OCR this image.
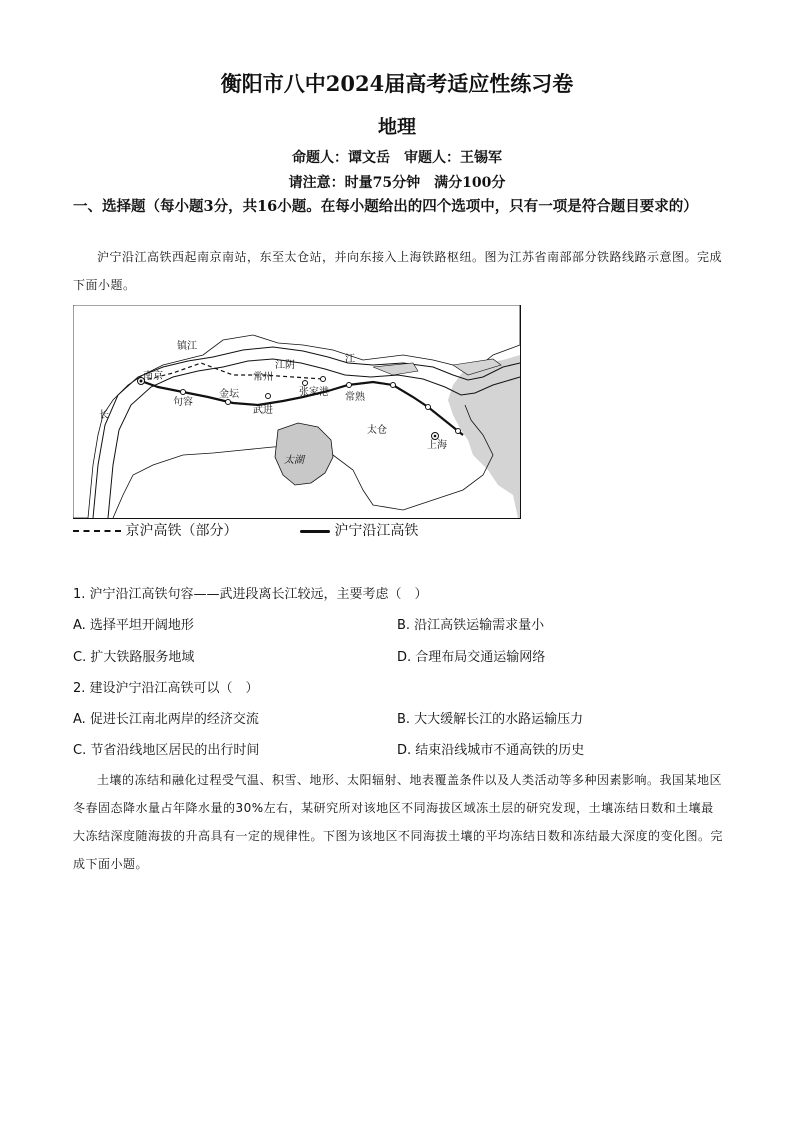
衡阳市八中2024届高考适应性练习卷
地理
命题人：谭文岳　审题人：王锡军
请注意：时量75分钟　满分100分
一、选择题（每小题3分，共16小题。在每小题给出的四个选项中，只有一项是符合题目要求的）
沪宁沿江高铁西起南京南站，东至太仓站，并向东接入上海铁路枢纽。图为江苏省南部部分铁路线路示意图。完成下面小题。
镇江
南京
句容
金坛
常州
武进
江阴
张家港 常熟
太仓
上海
太湖
江
长
京沪高铁（部分）	沪宁沿江高铁
1. 沪宁沿江高铁句容——武进段离长江较远，主要考虑（　）
A. 选择平坦开阔地形	B. 沿江高铁运输需求量小
C. 扩大铁路服务地域	D. 合理布局交通运输网络
2. 建设沪宁沿江高铁可以（　）
A. 促进长江南北两岸的经济交流	B. 大大缓解长江的水路运输压力
C. 节省沿线地区居民的出行时间	D. 结束沿线城市不通高铁的历史
土壤的冻结和融化过程受气温、积雪、地形、太阳辐射、地表覆盖条件以及人类活动等多种因素影响。我国某地区冬春固态降水量占年降水量的30%左右，某研究所对该地区不同海拔区域冻土层的研究发现，土壤冻结日数和土壤最大冻结深度随海拔的升高具有一定的规律性。下图为该地区不同海拔土壤的平均冻结日数和冻结最大深度的变化图。完成下面小题。
